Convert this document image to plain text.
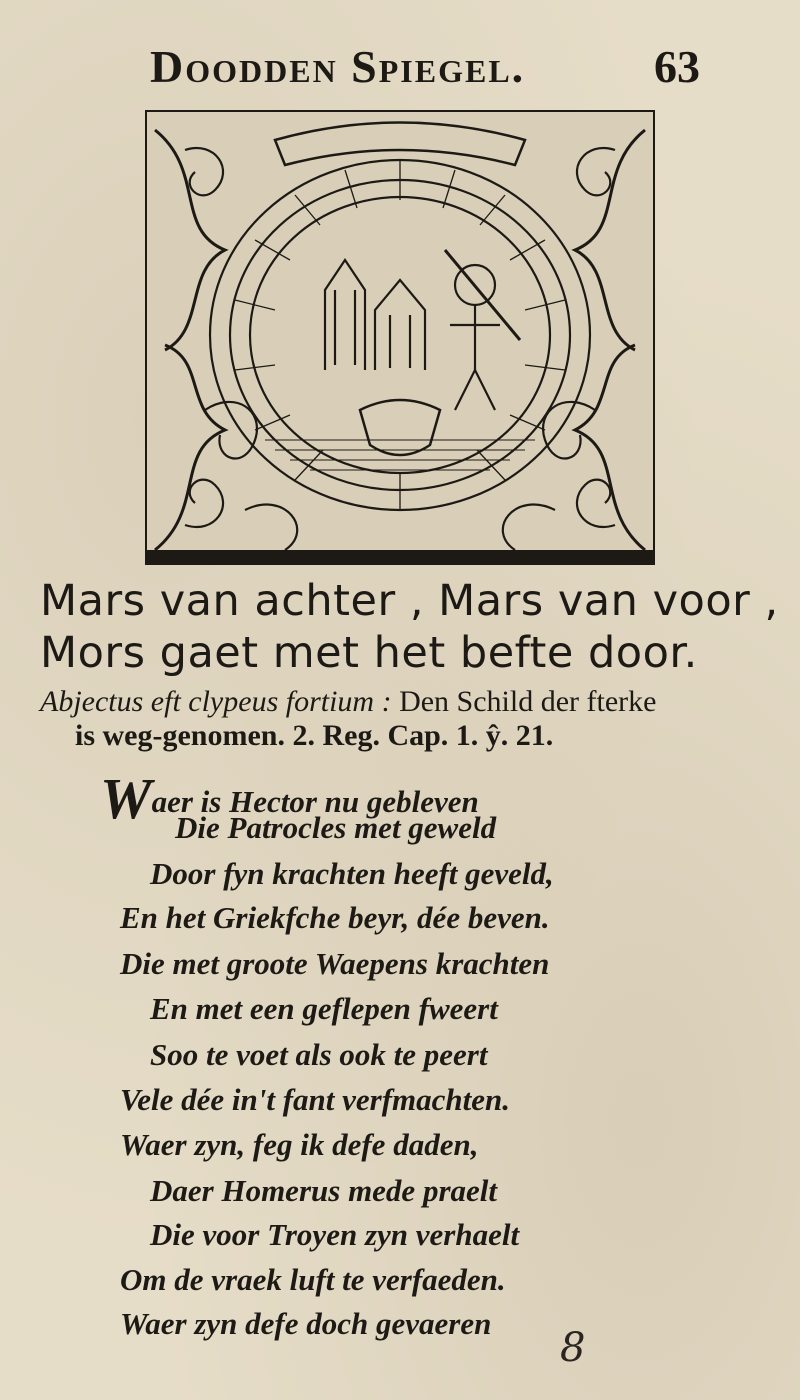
Doodden Spiegel.	63
Mars van achter , Mars van voor ,
Mors gaet met het befte door.
Abjectus eft clypeus fortium : Den Schild der fterke
is weg-genomen. 2. Reg. Cap. 1. ŷ. 21.
Waer is Hector nu gebleven
Die Patrocles met geweld
Door fyn krachten heeft geveld,
En het Griekfche beyr, dée beven.
Die met groote Waepens krachten
En met een geflepen fweert
Soo te voet als ook te peert
Vele dée in't fant verfmachten.
Waer zyn, feg ik defe daden,
Daer Homerus mede praelt
Die voor Troyen zyn verhaelt
Om de vraek luft te verfaeden.
Waer zyn defe doch gevaeren
8
